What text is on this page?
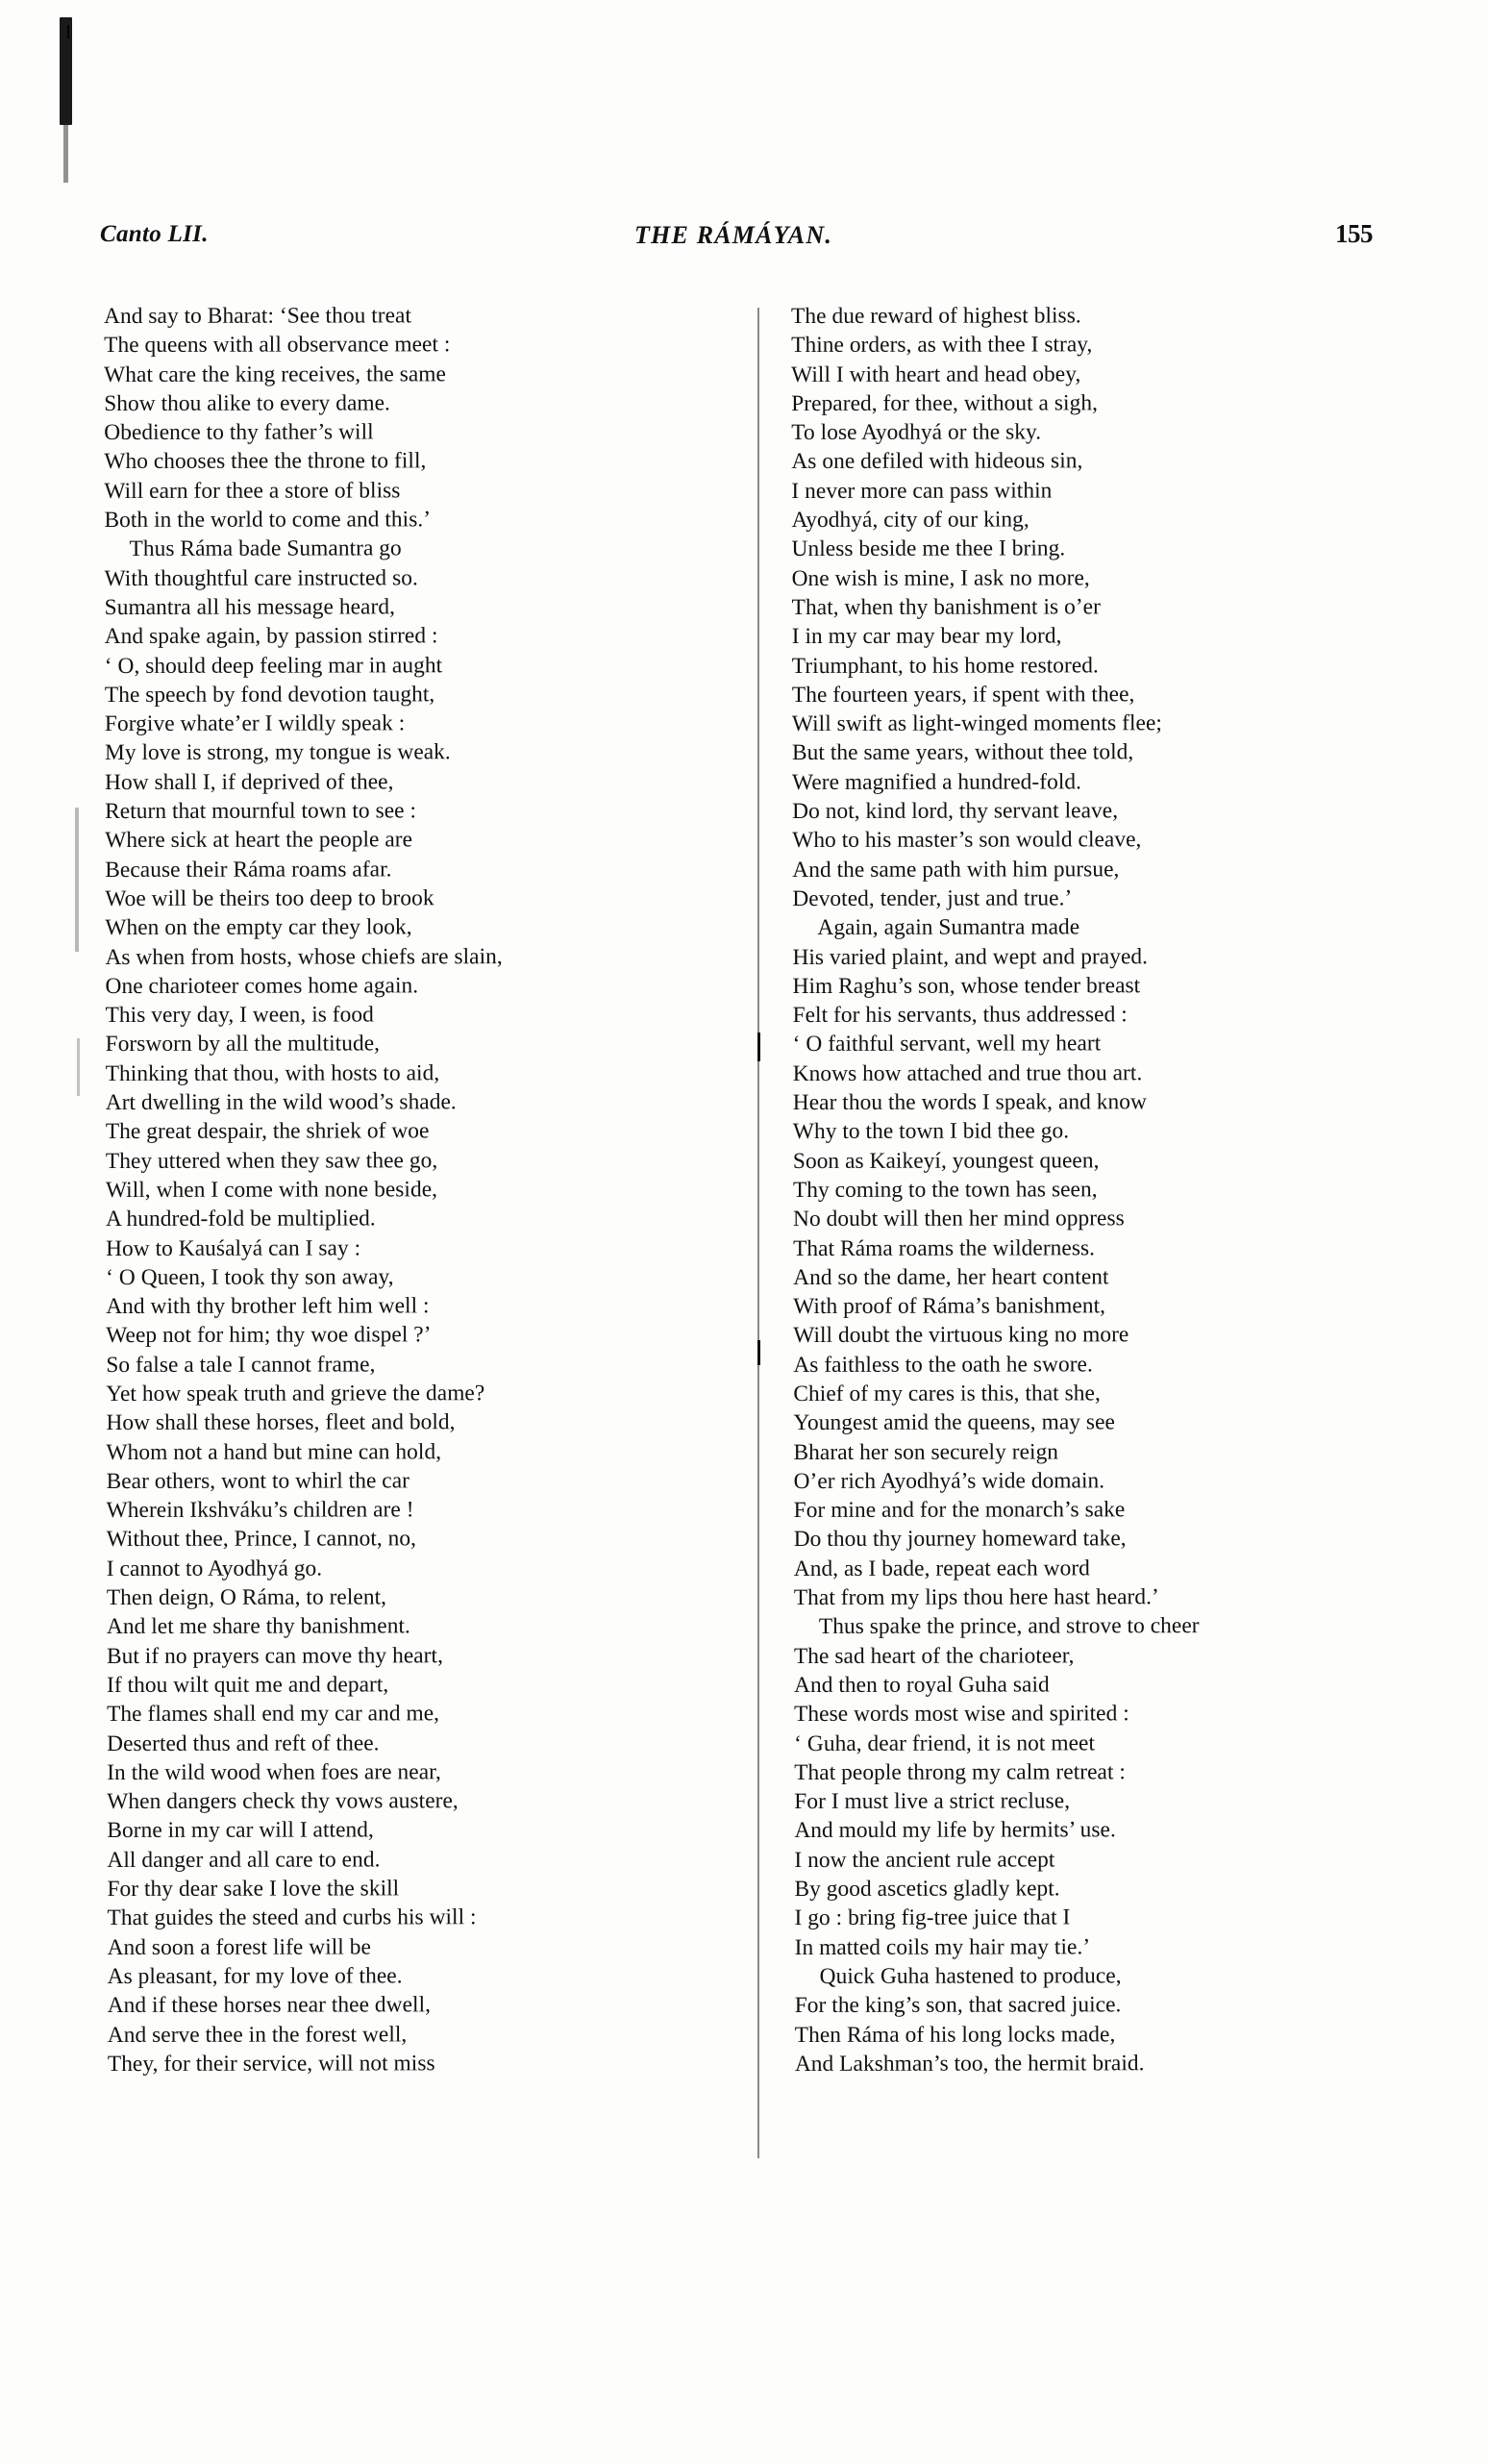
Canto LII.	THE RÁMÁYAN.	155
And say to Bharat: ‘See thou treat
The queens with all observance meet :
What care the king receives, the same
Show thou alike to every dame.
Obedience to thy father’s will
Who chooses thee the throne to fill,
Will earn for thee a store of bliss
Both in the world to come and this.’
Thus Ráma bade Sumantra go
With thoughtful care instructed so.
Sumantra all his message heard,
And spake again, by passion stirred :
‘ O, should deep feeling mar in aught
The speech by fond devotion taught,
Forgive whate’er I wildly speak :
My love is strong, my tongue is weak.
How shall I, if deprived of thee,
Return that mournful town to see :
Where sick at heart the people are
Because their Ráma roams afar.
Woe will be theirs too deep to brook
When on the empty car they look,
As when from hosts, whose chiefs are slain,
One charioteer comes home again.
This very day, I ween, is food
Forsworn by all the multitude,
Thinking that thou, with hosts to aid,
Art dwelling in the wild wood’s shade.
The great despair, the shriek of woe
They uttered when they saw thee go,
Will, when I come with none beside,
A hundred-fold be multiplied.
How to Kauśalyá can I say :
‘ O Queen, I took thy son away,
And with thy brother left him well :
Weep not for him; thy woe dispel ?’
So false a tale I cannot frame,
Yet how speak truth and grieve the dame?
How shall these horses, fleet and bold,
Whom not a hand but mine can hold,
Bear others, wont to whirl the car
Wherein Ikshváku’s children are !
Without thee, Prince, I cannot, no,
I cannot to Ayodhyá go.
Then deign, O Ráma, to relent,
And let me share thy banishment.
But if no prayers can move thy heart,
If thou wilt quit me and depart,
The flames shall end my car and me,
Deserted thus and reft of thee.
In the wild wood when foes are near,
When dangers check thy vows austere,
Borne in my car will I attend,
All danger and all care to end.
For thy dear sake I love the skill
That guides the steed and curbs his will :
And soon a forest life will be
As pleasant, for my love of thee.
And if these horses near thee dwell,
And serve thee in the forest well,
They, for their service, will not miss
The due reward of highest bliss.
Thine orders, as with thee I stray,
Will I with heart and head obey,
Prepared, for thee, without a sigh,
To lose Ayodhyá or the sky.
As one defiled with hideous sin,
I never more can pass within
Ayodhyá, city of our king,
Unless beside me thee I bring.
One wish is mine, I ask no more,
That, when thy banishment is o’er
I in my car may bear my lord,
Triumphant, to his home restored.
The fourteen years, if spent with thee,
Will swift as light-winged moments flee;
But the same years, without thee told,
Were magnified a hundred-fold.
Do not, kind lord, thy servant leave,
Who to his master’s son would cleave,
And the same path with him pursue,
Devoted, tender, just and true.’
Again, again Sumantra made
His varied plaint, and wept and prayed.
Him Raghu’s son, whose tender breast
Felt for his servants, thus addressed :
‘ O faithful servant, well my heart
Knows how attached and true thou art.
Hear thou the words I speak, and know
Why to the town I bid thee go.
Soon as Kaikeyí, youngest queen,
Thy coming to the town has seen,
No doubt will then her mind oppress
That Ráma roams the wilderness.
And so the dame, her heart content
With proof of Ráma’s banishment,
Will doubt the virtuous king no more
As faithless to the oath he swore.
Chief of my cares is this, that she,
Youngest amid the queens, may see
Bharat her son securely reign
O’er rich Ayodhyá’s wide domain.
For mine and for the monarch’s sake
Do thou thy journey homeward take,
And, as I bade, repeat each word
That from my lips thou here hast heard.’
Thus spake the prince, and strove to cheer
The sad heart of the charioteer,
And then to royal Guha said
These words most wise and spirited :
‘ Guha, dear friend, it is not meet
That people throng my calm retreat :
For I must live a strict recluse,
And mould my life by hermits’ use.
I now the ancient rule accept
By good ascetics gladly kept.
I go : bring fig-tree juice that I
In matted coils my hair may tie.’
Quick Guha hastened to produce,
For the king’s son, that sacred juice.
Then Ráma of his long locks made,
And Lakshman’s too, the hermit braid.
